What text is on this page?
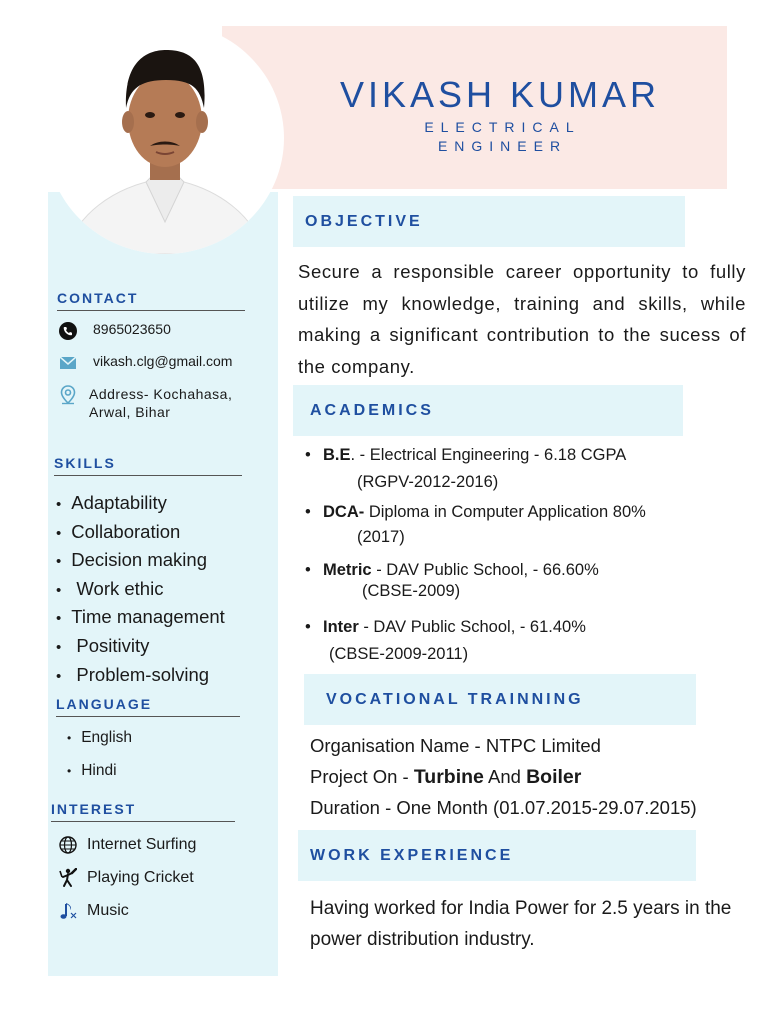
VIKASH KUMAR
ELECTRICAL
ENGINEER
CONTACT
8965023650
vikash.clg@gmail.com
Address- Kochahasa,
Arwal, Bihar
SKILLS
• Adaptability
• Collaboration
• Decision making
•  Work ethic
• Time management
•  Positivity
•  Problem-solving
LANGUAGE
• English
• Hindi
INTEREST
Internet Surfing
Playing Cricket
Music
OBJECTIVE
Secure a responsible career opportunity to fully utilize my knowledge, training and skills, while making a significant contribution to the sucess of the company.
ACADEMICS
• B.E. - Electrical Engineering - 6.18 CGPA
(RGPV-2012-2016)
• DCA- Diploma in Computer Application 80%
(2017)
• Metric - DAV Public School, - 66.60%
(CBSE-2009)
• Inter - DAV Public School, - 61.40%
(CBSE-2009-2011)
VOCATIONAL TRAINNING
Organisation Name - NTPC Limited
Project On - Turbine And Boiler
Duration - One Month (01.07.2015-29.07.2015)
WORK EXPERIENCE
Having worked for India Power for 2.5 years in the power distribution industry.
